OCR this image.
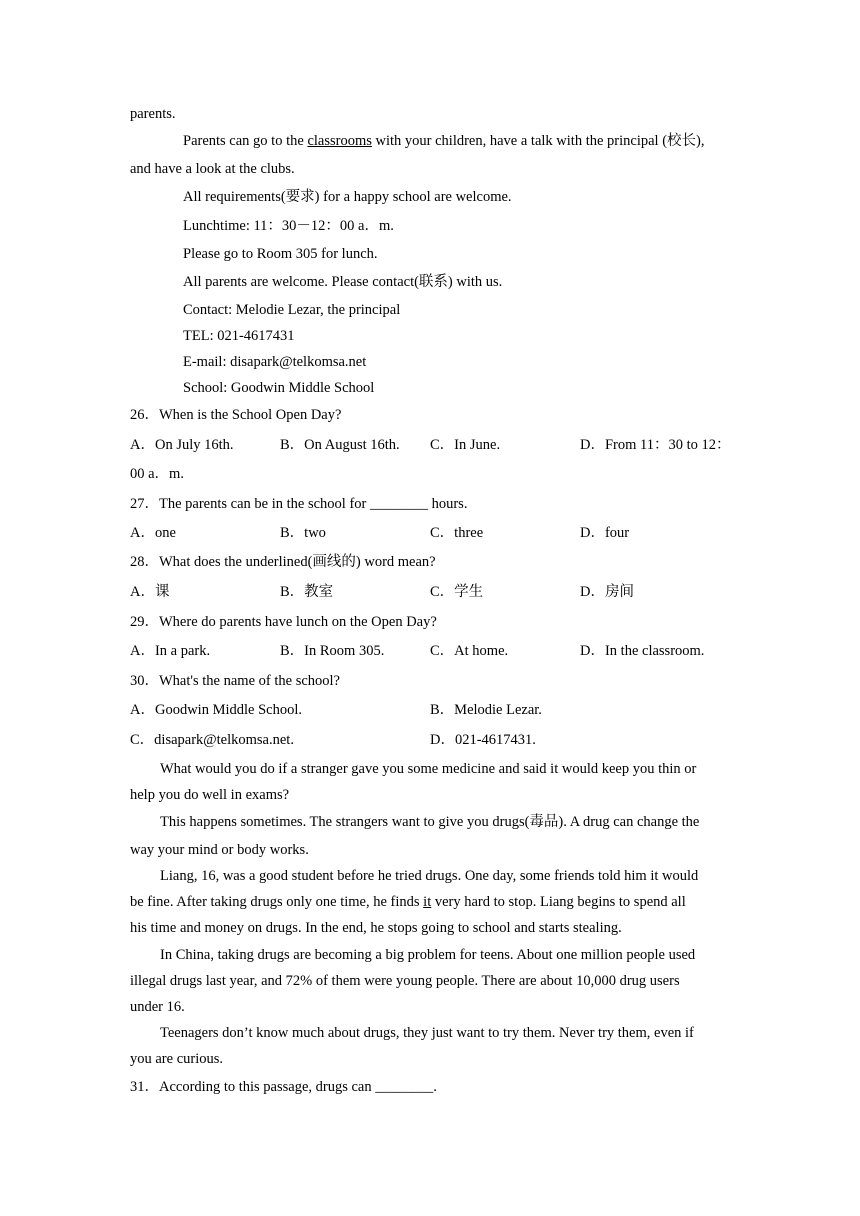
parents.
Parents can go to the classrooms with your children, have a talk with the principal (校长),
and have a look at the clubs.
All requirements(要求) for a happy school are welcome.
Lunchtime: 11：30－12：00 a．m.
Please go to Room 305 for lunch.
All parents are welcome. Please contact(联系) with us.
Contact: Melodie Lezar, the principal
TEL: 021-4617431
E-mail: disapark@telkomsa.net
School: Goodwin Middle School
26．When is the School Open Day?
A．On July 16th.	B．On August 16th. C．In June.	D．From 11：30 to 12：
00 a．m.
27．The parents can be in the school for ________ hours.
A．one	B．two	C．three	D．four
28．What does the underlined(画线的) word mean?
A．课	B．教室	C．学生	D．房间
29．Where do parents have lunch on the Open Day?
A．In a park.	B．In Room 305.	C．At home.	D．In the classroom.
30．What's the name of the school?
A．Goodwin Middle School.	B．Melodie Lezar.
C．disapark@telkomsa.net.	D．021-4617431.
What would you do if a stranger gave you some medicine and said it would keep you thin or
help you do well in exams?
This happens sometimes. The strangers want to give you drugs(毒品). A drug can change the
way your mind or body works.
Liang, 16, was a good student before he tried drugs. One day, some friends told him it would
be fine. After taking drugs only one time, he finds it very hard to stop. Liang begins to spend all
his time and money on drugs. In the end, he stops going to school and starts stealing.
In China, taking drugs are becoming a big problem for teens. About one million people used
illegal drugs last year, and 72% of them were young people. There are about 10,000 drug users
under 16.
Teenagers don’t know much about drugs, they just want to try them. Never try them, even if
you are curious.
31．According to this passage, drugs can ________.
